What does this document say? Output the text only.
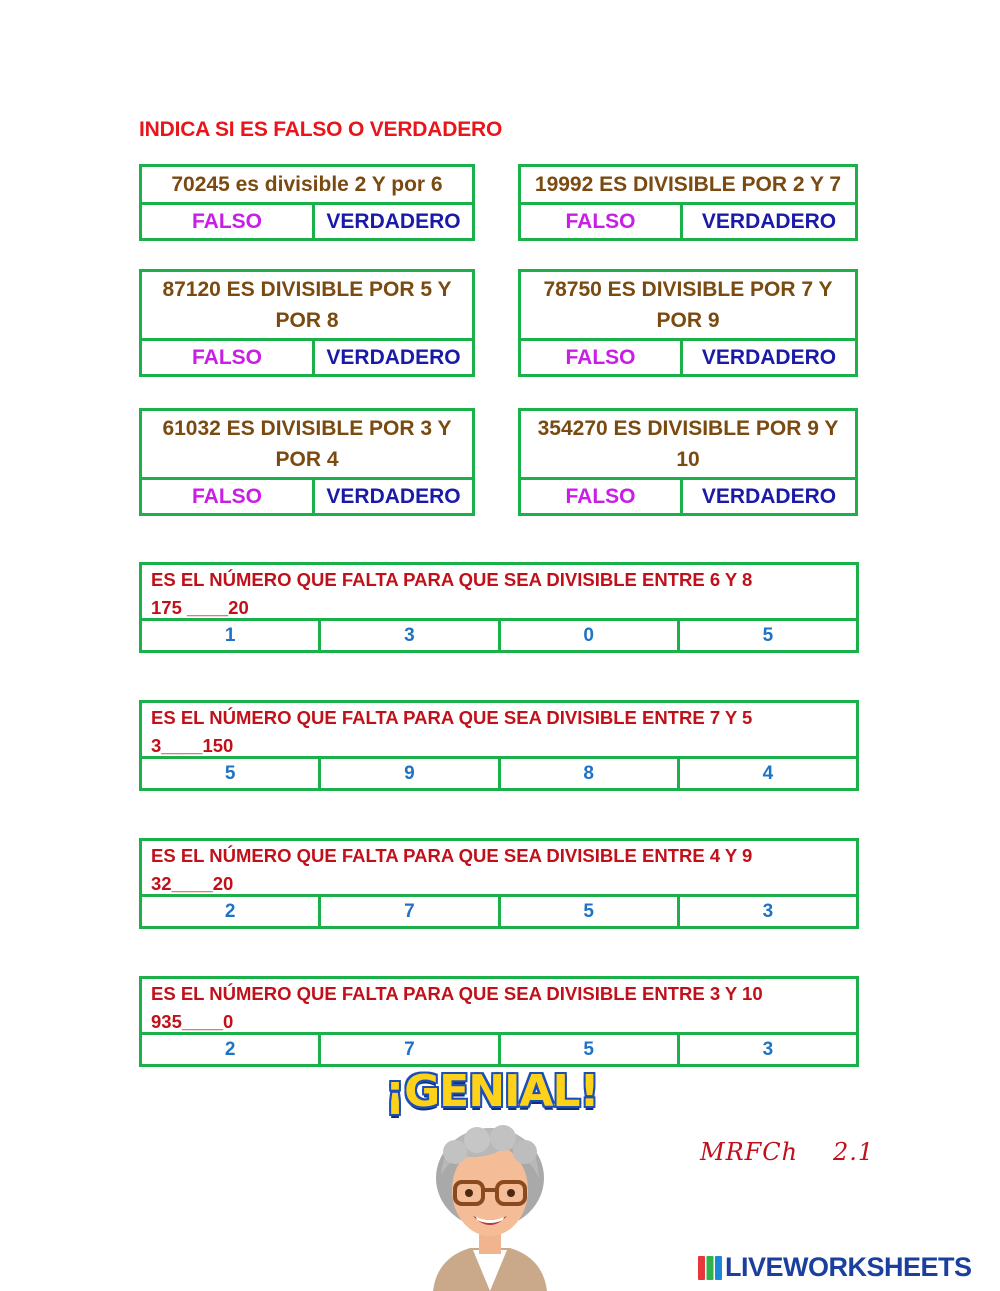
INDICA SI ES FALSO O VERDADERO
70245 es divisible 2 Y por 6
FALSO	VERDADERO
19992 ES DIVISIBLE POR 2 Y 7
FALSO	VERDADERO
87120 ES DIVISIBLE POR 5 Y POR 8
FALSO	VERDADERO
78750 ES DIVISIBLE POR 7 Y POR 9
FALSO	VERDADERO
61032 ES DIVISIBLE POR 3 Y POR 4
FALSO	VERDADERO
354270 ES DIVISIBLE POR 9 Y 10
FALSO	VERDADERO
ES EL NÚMERO QUE FALTA PARA QUE SEA DIVISIBLE ENTRE 6 Y 8
175 ____20
1	3	0	5
ES EL NÚMERO QUE FALTA PARA QUE SEA DIVISIBLE ENTRE 7 Y 5
3____150
5	9	8	4
ES EL NÚMERO QUE FALTA PARA QUE SEA DIVISIBLE ENTRE 4 Y 9
32____20
2	7	5	3
ES EL NÚMERO QUE FALTA PARA QUE SEA DIVISIBLE ENTRE 3 Y 10
935____0
2	7	5	3
¡GENIAL!
MRFCh 2.1
LIVEWORKSHEETS
